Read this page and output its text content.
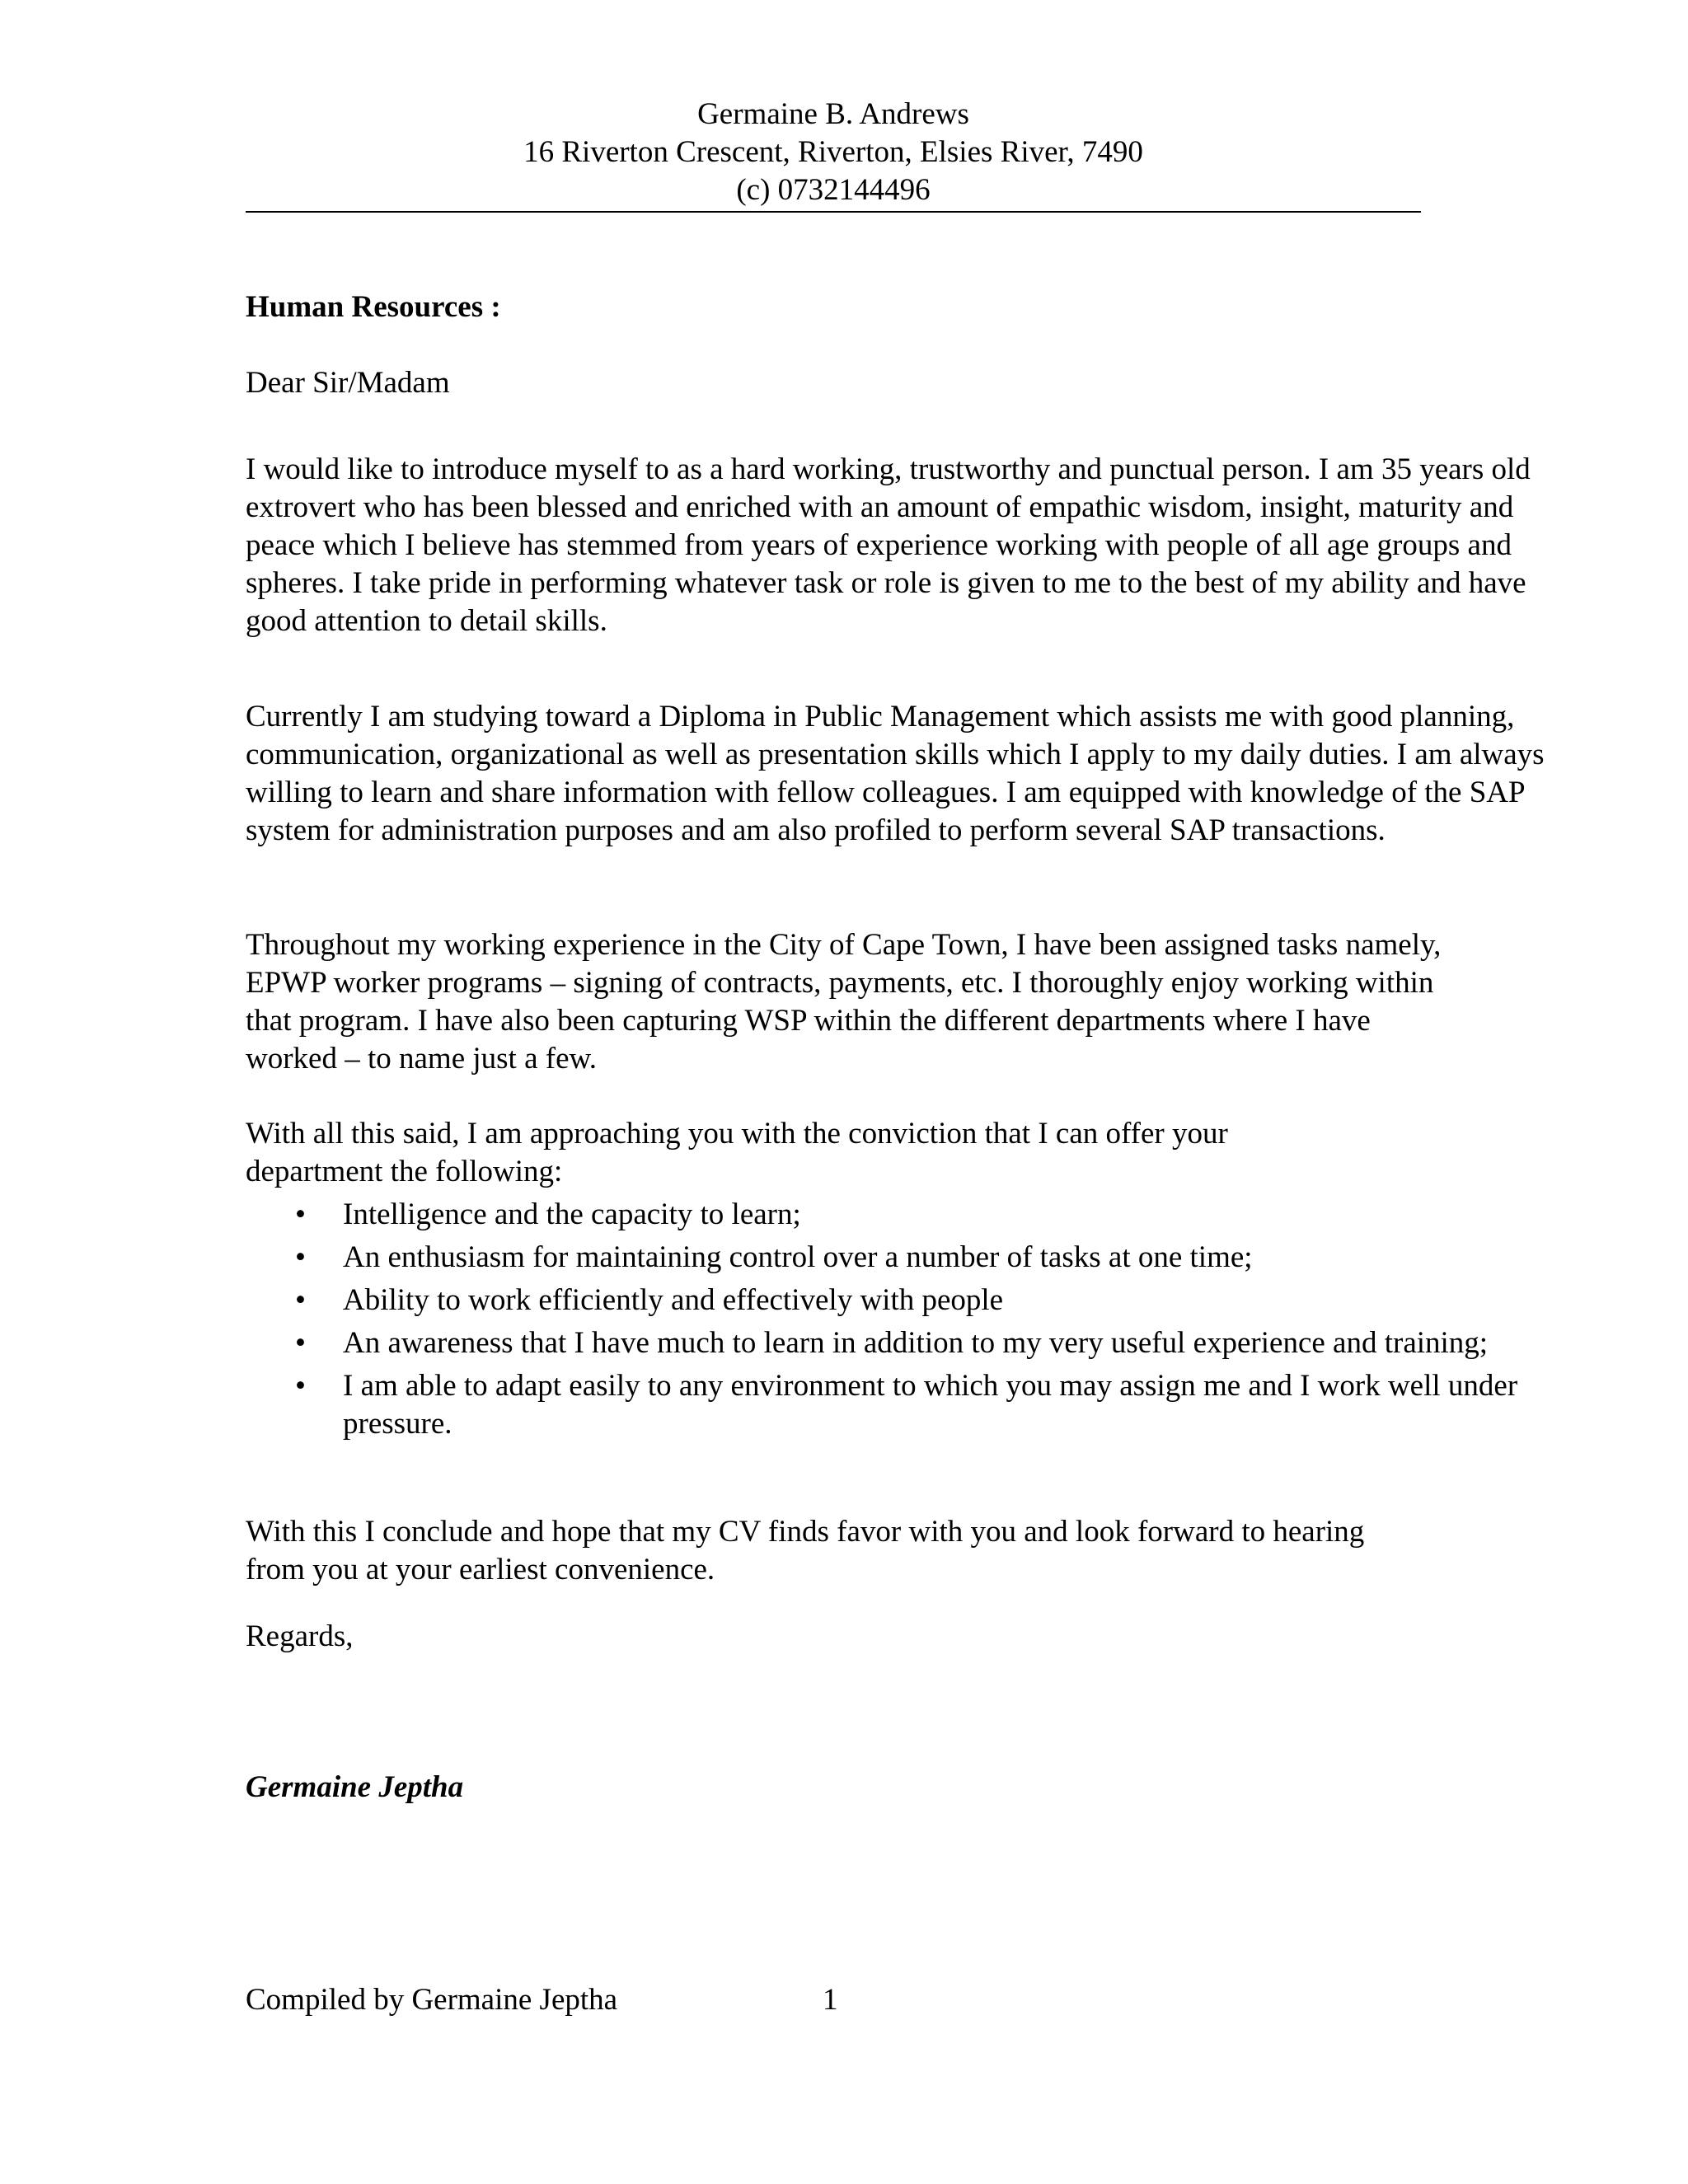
Germaine B. Andrews
16 Riverton Crescent, Riverton, Elsies River, 7490
(c) 0732144496
Human Resources :
Dear Sir/Madam

I would like to introduce myself to as a hard working, trustworthy and punctual person. I am 35 years old extrovert who has been blessed and enriched with an amount of empathic wisdom, insight, maturity and peace which I believe has stemmed from years of experience working with people of all age groups and spheres. I take pride in performing whatever task or role is given to me to the best of my ability and have good attention to detail skills.

Currently I am studying toward a Diploma in Public Management which assists me with good planning, communication, organizational as well as presentation skills which I apply to my daily duties. I am always willing to learn and share information with fellow colleagues. I am equipped with knowledge of the SAP system for administration purposes and am also profiled to perform several SAP transactions.

Throughout my working experience in the City of Cape Town, I have been assigned tasks namely, EPWP worker programs – signing of contracts, payments, etc. I thoroughly enjoy working within that program. I have also been capturing WSP within the different departments where I have worked – to name just a few.

With all this said, I am approaching you with the conviction that I can offer your department the following:

• Intelligence and the capacity to learn;
• An enthusiasm for maintaining control over a number of tasks at one time;
• Ability to work efficiently and effectively with people
• An awareness that I have much to learn in addition to my very useful experience and training;
• I am able to adapt easily to any environment to which you may assign me and I work well under pressure.

With this I conclude and hope that my CV finds favor with you and look forward to hearing from you at your earliest convenience.

Regards,
Germaine Jeptha
Compiled by Germaine Jeptha	1
